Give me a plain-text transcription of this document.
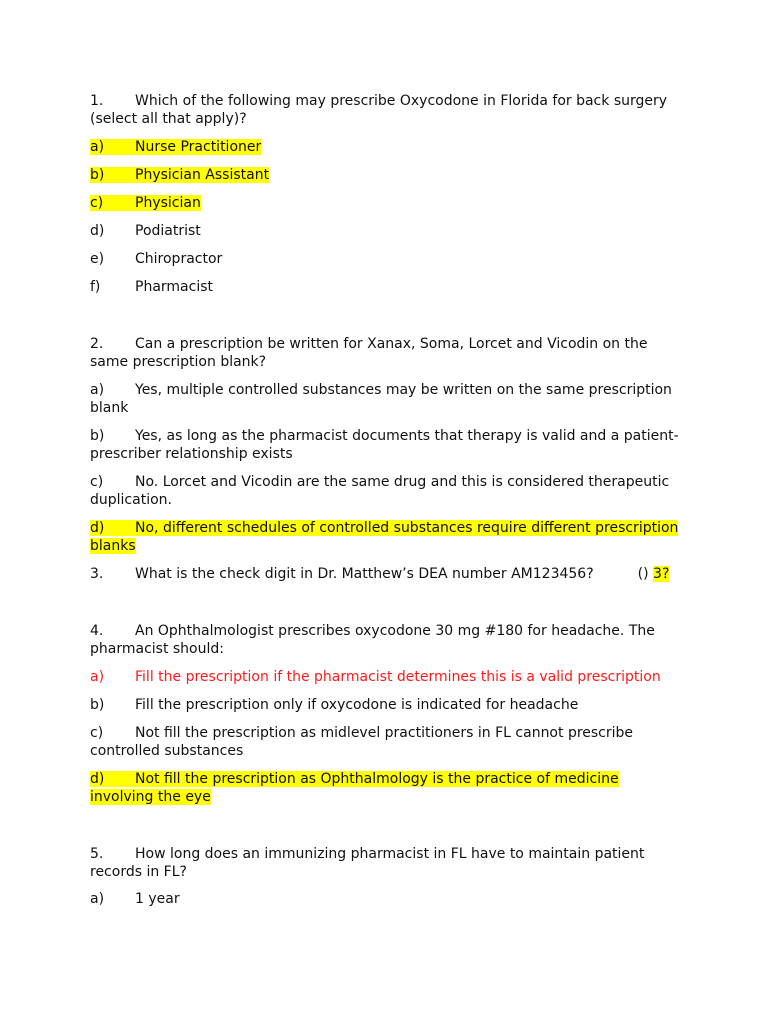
1. Which of the following may prescribe Oxycodone in Florida for back surgery
(select all that apply)?
a) Nurse Practitioner
b) Physician Assistant
c) Physician
d) Podiatrist
e) Chiropractor
f) Pharmacist
2. Can a prescription be written for Xanax, Soma, Lorcet and Vicodin on the
same prescription blank?
a) Yes, multiple controlled substances may be written on the same prescription
blank
b) Yes, as long as the pharmacist documents that therapy is valid and a patient-
prescriber relationship exists
c) No. Lorcet and Vicodin are the same drug and this is considered therapeutic
duplication.
d) No, different schedules of controlled substances require different prescription
blanks
3. What is the check digit in Dr. Matthew’s DEA number AM123456?	() 3?
4. An Ophthalmologist prescribes oxycodone 30 mg #180 for headache. The
pharmacist should:
a) Fill the prescription if the pharmacist determines this is a valid prescription
b) Fill the prescription only if oxycodone is indicated for headache
c) Not fill the prescription as midlevel practitioners in FL cannot prescribe
controlled substances
d) Not fill the prescription as Ophthalmology is the practice of medicine
involving the eye
5. How long does an immunizing pharmacist in FL have to maintain patient
records in FL?
a) 1 year
